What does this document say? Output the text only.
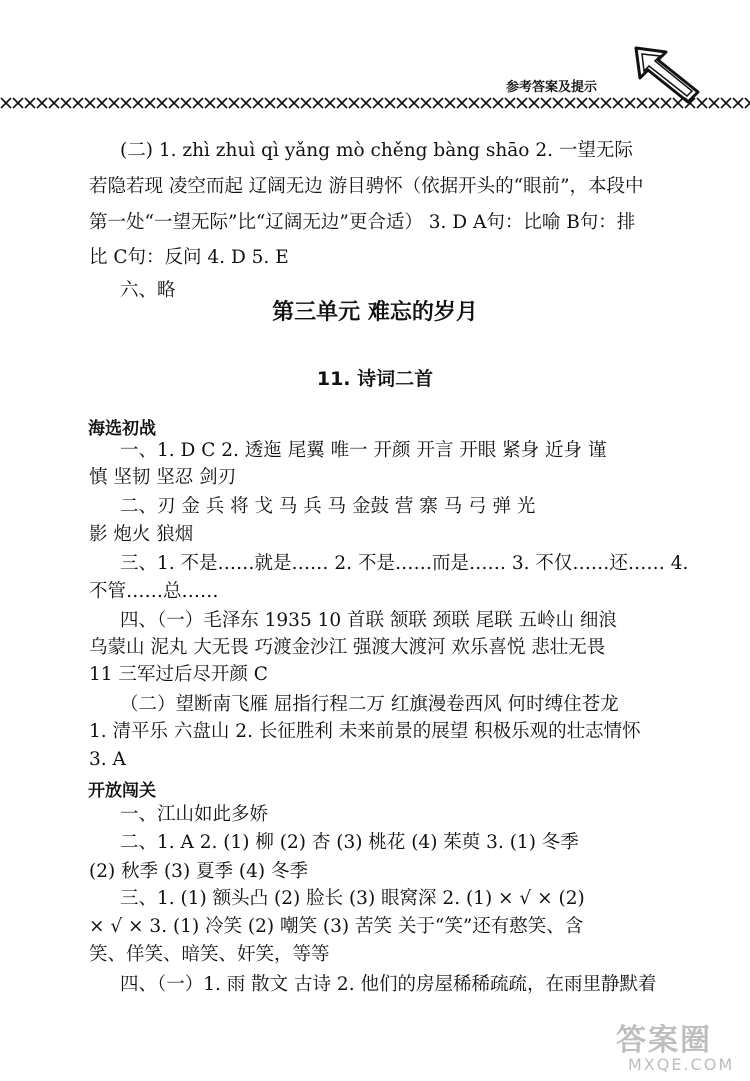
参考答案及提示
(二) 1. zhì zhuì qì yǎng mò chěng bàng shāo 2. 一望无际
若隐若现 凌空而起 辽阔无边 游目骋怀（依据开头的“眼前”，本段中
第一处“一望无际”比“辽阔无边”更合适） 3. D A句：比喻 B句：排
比 C句：反问 4. D 5. E
六、略
第三单元 难忘的岁月
11. 诗词二首
海选初战
一、1. D C 2. 透迤 尾翼 唯一 开颜 开言 开眼 紧身 近身 谨
慎 坚韧 坚忍 剑刃
二、刃 金 兵 将 戈 马 兵 马 金鼓 营 寨 马 弓 弹 光
影 炮火 狼烟
三、1. 不是……就是…… 2. 不是……而是…… 3. 不仅……还…… 4.
不管……总……
四、（一）毛泽东 1935 10 首联 颔联 颈联 尾联 五岭山 细浪
乌蒙山 泥丸 大无畏 巧渡金沙江 强渡大渡河 欢乐喜悦 悲壮无畏
11 三军过后尽开颜 C
（二）望断南飞雁 屈指行程二万 红旗漫卷西风 何时缚住苍龙
1. 清平乐 六盘山 2. 长征胜利 未来前景的展望 积极乐观的壮志情怀
3. A
开放闯关
一、江山如此多娇
二、1. A 2. (1) 柳 (2) 杏 (3) 桃花 (4) 茱萸 3. (1) 冬季
(2) 秋季 (3) 夏季 (4) 冬季
三、1. (1) 额头凸 (2) 脸长 (3) 眼窝深 2. (1) × √ × (2)
× √ × 3. (1) 冷笑 (2) 嘲笑 (3) 苦笑 关于“笑”还有憨笑、含
笑、佯笑、暗笑、奸笑，等等
四、（一）1. 雨 散文 古诗 2. 他们的房屋稀稀疏疏，在雨里静默着
答案圈
MXQE.COM
